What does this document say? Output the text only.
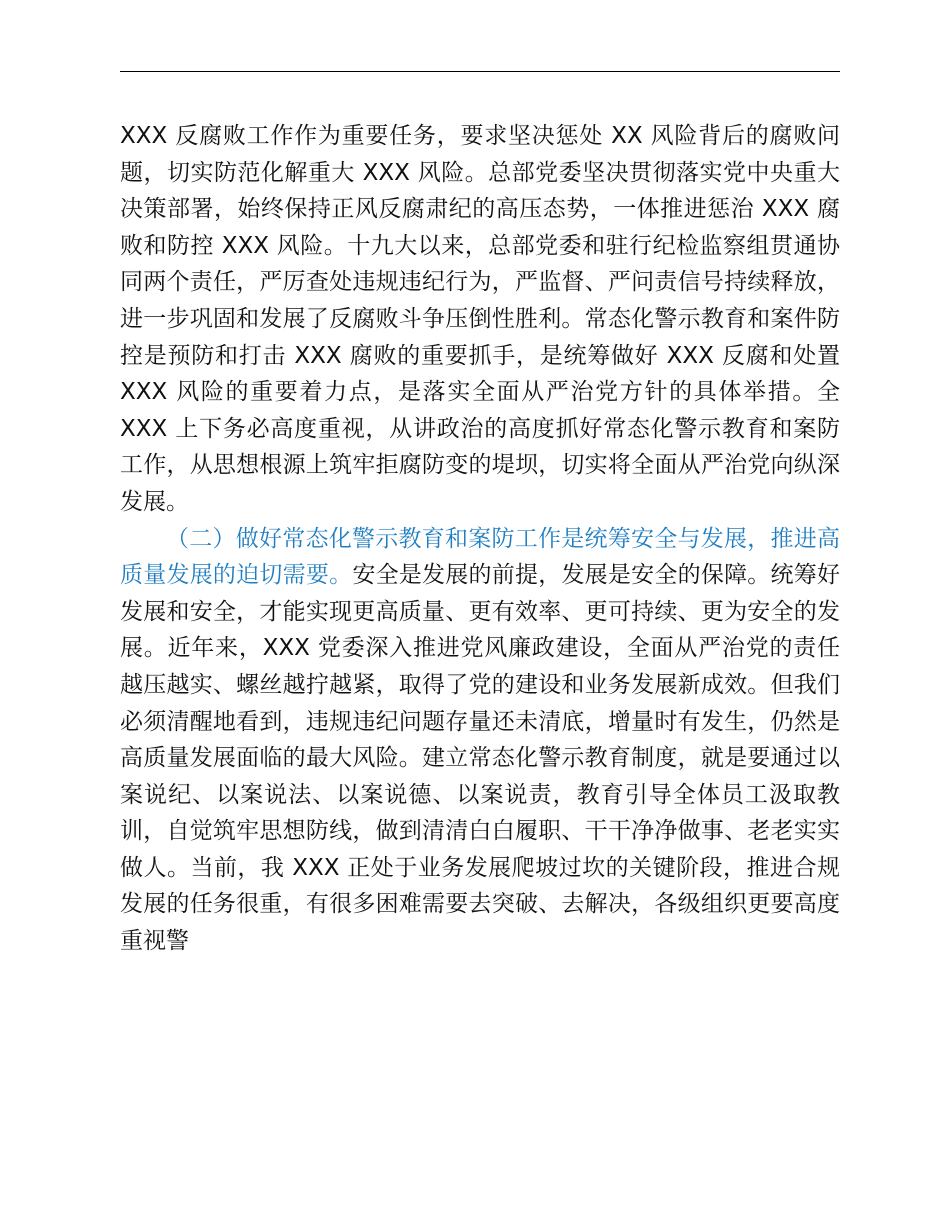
XXX 反腐败工作作为重要任务，要求坚决惩处 XX 风险背后的腐败问题，切实防范化解重大 XXX 风险。总部党委坚决贯彻落实党中央重大决策部署，始终保持正风反腐肃纪的高压态势，一体推进惩治 XXX 腐败和防控 XXX 风险。十九大以来，总部党委和驻行纪检监察组贯通协同两个责任，严厉查处违规违纪行为，严监督、严问责信号持续释放，进一步巩固和发展了反腐败斗争压倒性胜利。常态化警示教育和案件防控是预防和打击 XXX 腐败的重要抓手，是统筹做好 XXX 反腐和处置 XXX 风险的重要着力点，是落实全面从严治党方针的具体举措。全 XXX 上下务必高度重视，从讲政治的高度抓好常态化警示教育和案防工作，从思想根源上筑牢拒腐防变的堤坝，切实将全面从严治党向纵深发展。

（二）做好常态化警示教育和案防工作是统筹安全与发展，推进高质量发展的迫切需要。安全是发展的前提，发展是安全的保障。统筹好发展和安全，才能实现更高质量、更有效率、更可持续、更为安全的发展。近年来，XXX 党委深入推进党风廉政建设，全面从严治党的责任越压越实、螺丝越拧越紧，取得了党的建设和业务发展新成效。但我们必须清醒地看到，违规违纪问题存量还未清底，增量时有发生，仍然是高质量发展面临的最大风险。建立常态化警示教育制度，就是要通过以案说纪、以案说法、以案说德、以案说责，教育引导全体员工汲取教训，自觉筑牢思想防线，做到清清白白履职、干干净净做事、老老实实做人。当前，我 XXX 正处于业务发展爬坡过坎的关键阶段，推进合规发展的任务很重，有很多困难需要去突破、去解决，各级组织更要高度重视警
